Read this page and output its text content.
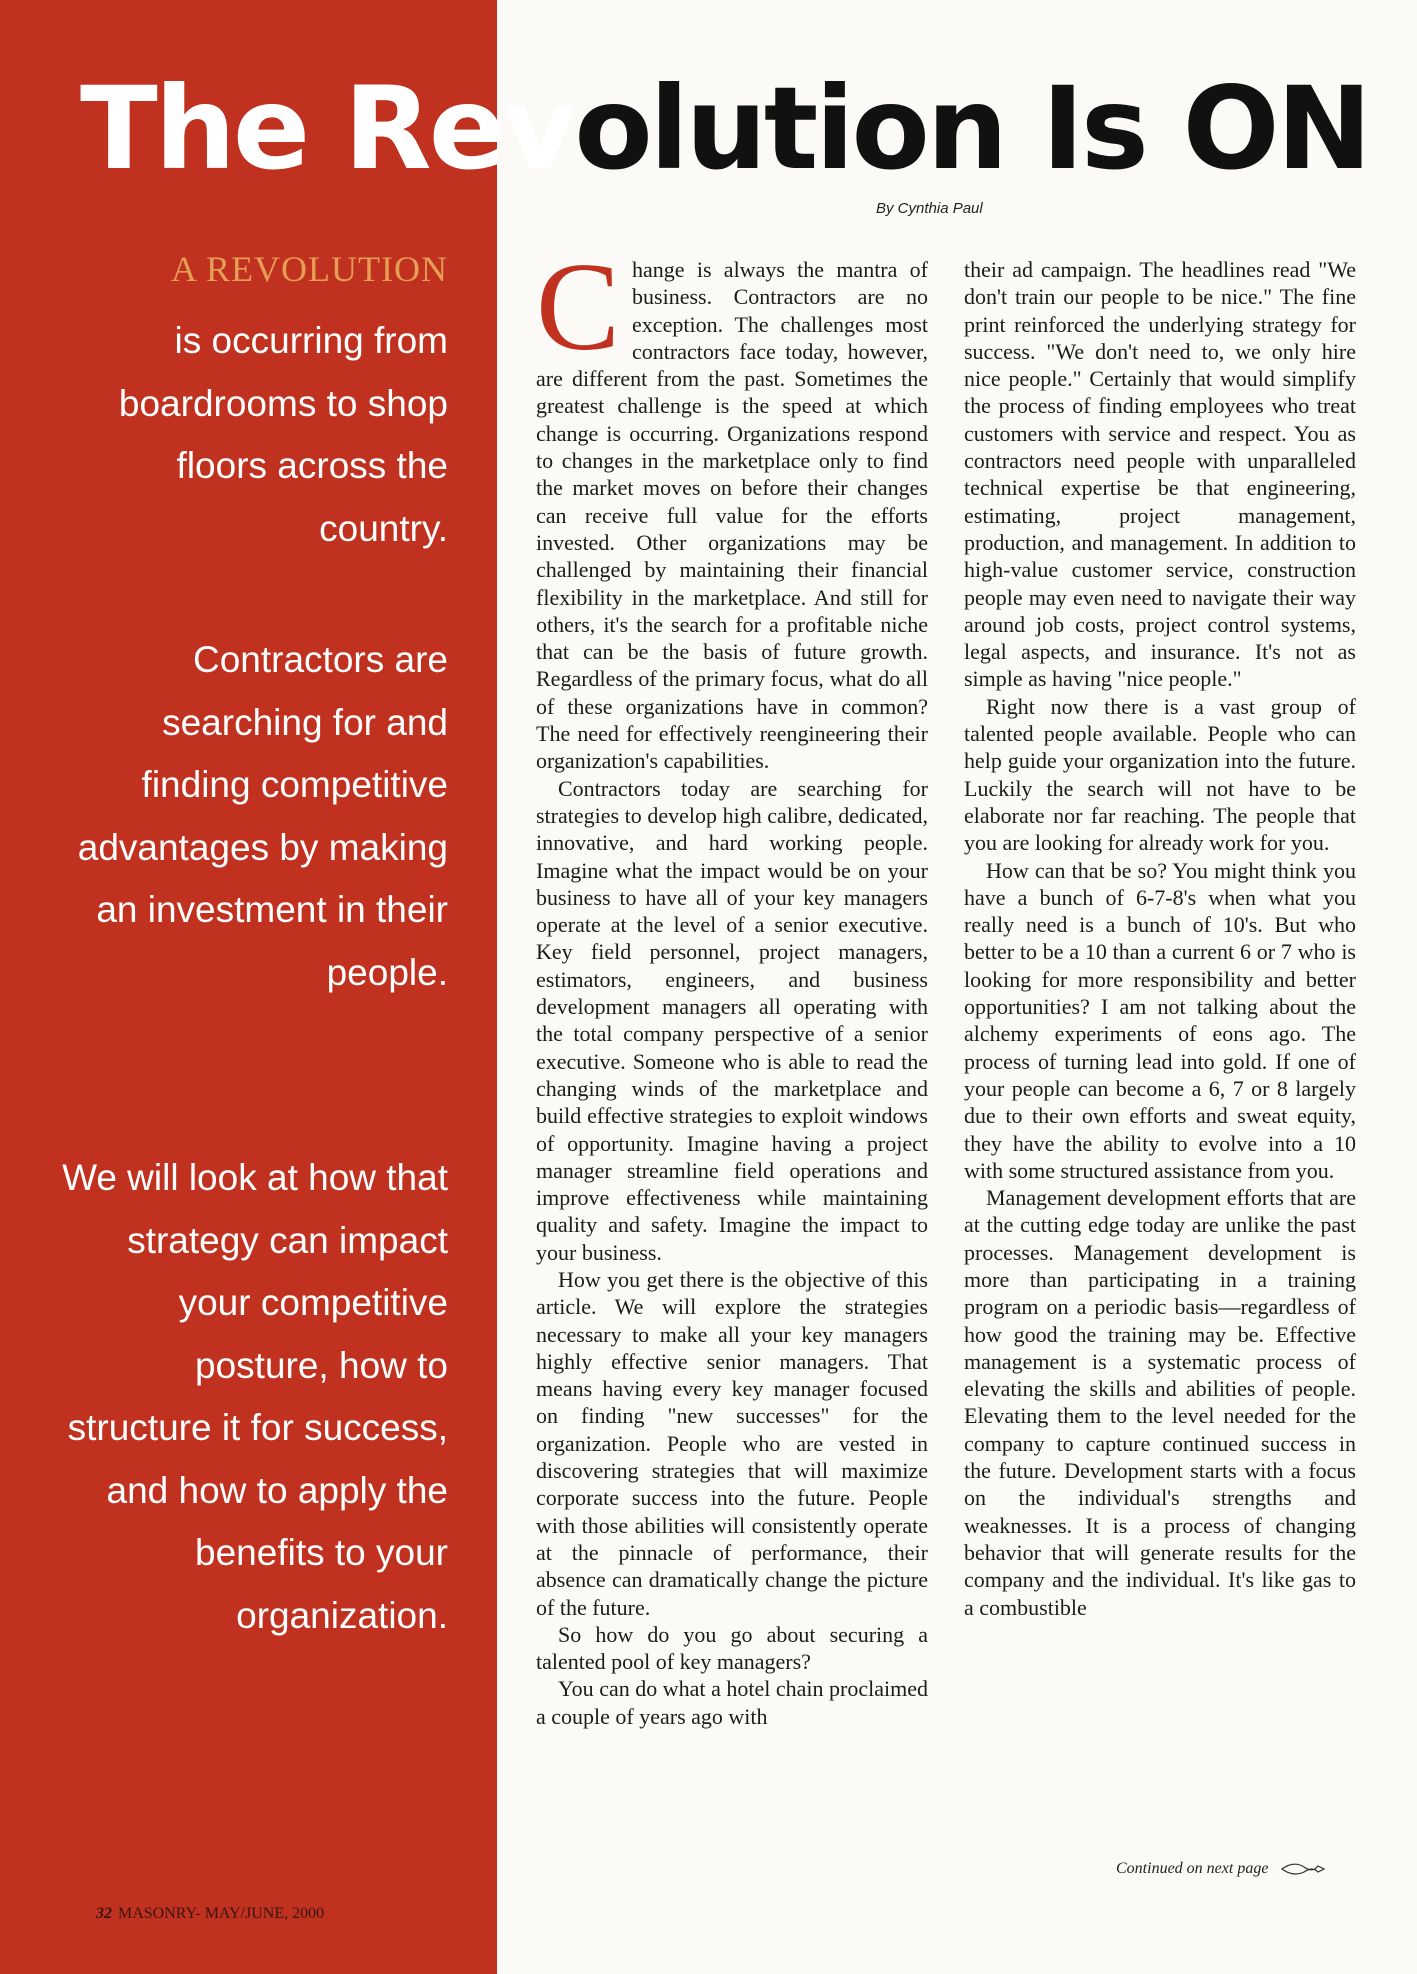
The Revolution Is ON
By Cynthia Paul
A REVOLUTION

is occurring from boardrooms to shop floors across the country.

Contractors are searching for and finding competitive advantages by making an investment in their people.

We will look at how that strategy can impact your competitive posture, how to structure it for success, and how to apply the benefits to your organization.

Change is always the mantra of business. Contractors are no exception. The challenges most contractors face today, however, are different from the past. Sometimes the greatest challenge is the speed at which change is occurring. Organizations respond to changes in the marketplace only to find the market moves on before their changes can receive full value for the efforts invested. Other organizations may be challenged by maintaining their financial flexibility in the marketplace. And still for others, it's the search for a profitable niche that can be the basis of future growth. Regardless of the primary focus, what do all of these organizations have in common? The need for effectively reengineering their organization's capabilities.

Contractors today are searching for strategies to develop high calibre, dedicated, innovative, and hard working people. Imagine what the impact would be on your business to have all of your key managers operate at the level of a senior executive. Key field personnel, project managers, estimators, engineers, and business development managers all operating with the total company perspective of a senior executive. Someone who is able to read the changing winds of the marketplace and build effective strategies to exploit windows of opportunity. Imagine having a project manager streamline field operations and improve effectiveness while maintaining quality and safety. Imagine the impact to your business.

How you get there is the objective of this article. We will explore the strategies necessary to make all your key managers highly effective senior managers. That means having every key manager focused on finding "new successes" for the organization. People who are vested in discovering strategies that will maximize corporate success into the future. People with those abilities will consistently operate at the pinnacle of performance, their absence can dramatically change the picture of the future.

So how do you go about securing a talented pool of key managers?

You can do what a hotel chain proclaimed a couple of years ago with

their ad campaign. The headlines read "We don't train our people to be nice." The fine print reinforced the underlying strategy for success. "We don't need to, we only hire nice people." Certainly that would simplify the process of finding employees who treat customers with service and respect. You as contractors need people with unparalleled technical expertise be that engineering, estimating, project management, production, and management. In addition to high-value customer service, construction people may even need to navigate their way around job costs, project control systems, legal aspects, and insurance. It's not as simple as having "nice people."

Right now there is a vast group of talented people available. People who can help guide your organization into the future. Luckily the search will not have to be elaborate nor far reaching. The people that you are looking for already work for you.

How can that be so? You might think you have a bunch of 6-7-8's when what you really need is a bunch of 10's. But who better to be a 10 than a current 6 or 7 who is looking for more responsibility and better opportunities? I am not talking about the alchemy experiments of eons ago. The process of turning lead into gold. If one of your people can become a 6, 7 or 8 largely due to their own efforts and sweat equity, they have the ability to evolve into a 10 with some structured assistance from you.

Management development efforts that are at the cutting edge today are unlike the past processes. Management development is more than participating in a training program on a periodic basis—regardless of how good the training may be. Effective management is a systematic process of elevating the skills and abilities of people. Elevating them to the level needed for the company to capture continued success in the future. Development starts with a focus on the individual's strengths and weaknesses. It is a process of changing behavior that will generate results for the company and the individual. It's like gas to a combustible

Continued on next page
32 MASONRY- MAY/JUNE, 2000
